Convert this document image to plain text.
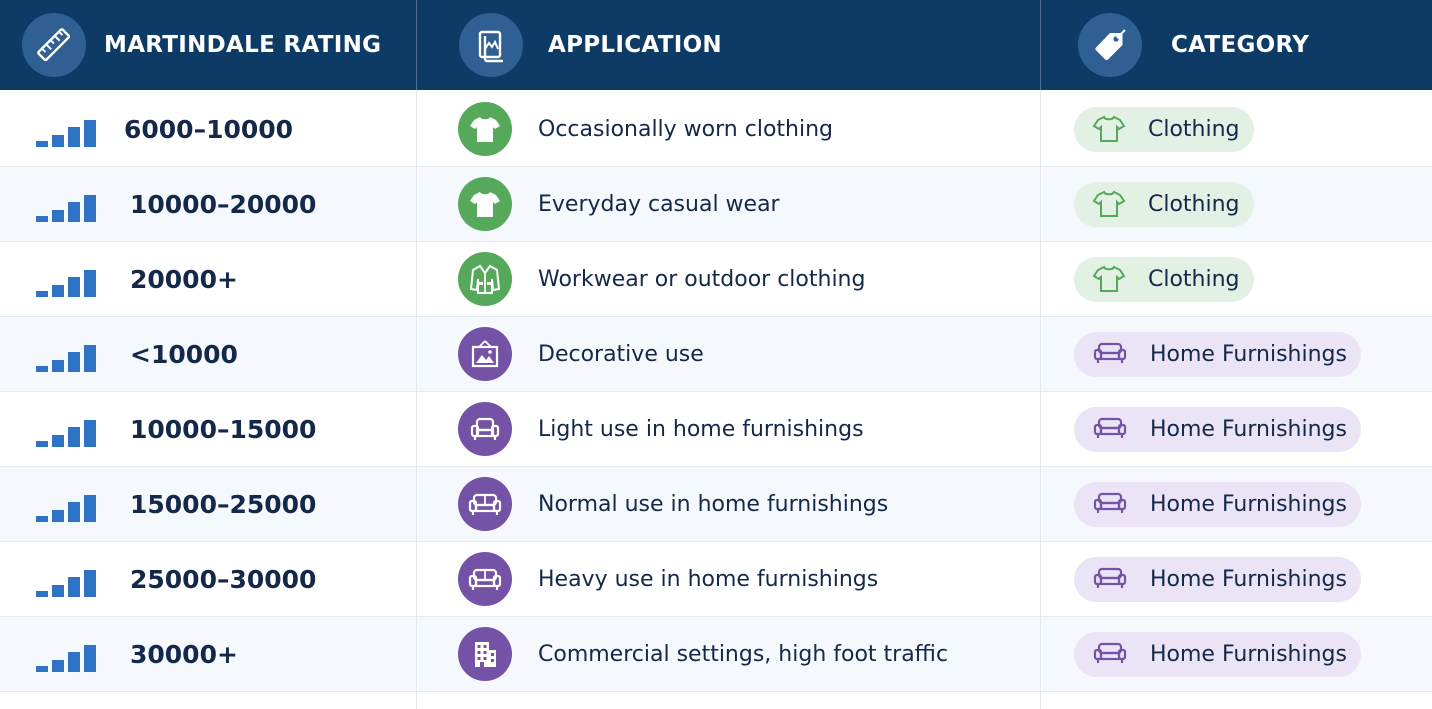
MARTINDALE RATING	APPLICATION	CATEGORY
6000–10000	Occasionally worn clothing	Clothing
10000–20000	Everyday casual wear	Clothing
20000+	Workwear or outdoor clothing	Clothing
<10000	Decorative use	Home Furnishings
10000–15000	Light use in home furnishings	Home Furnishings
15000–25000	Normal use in home furnishings	Home Furnishings
25000–30000	Heavy use in home furnishings	Home Furnishings
30000+	Commercial settings, high foot traffic	Home Furnishings
